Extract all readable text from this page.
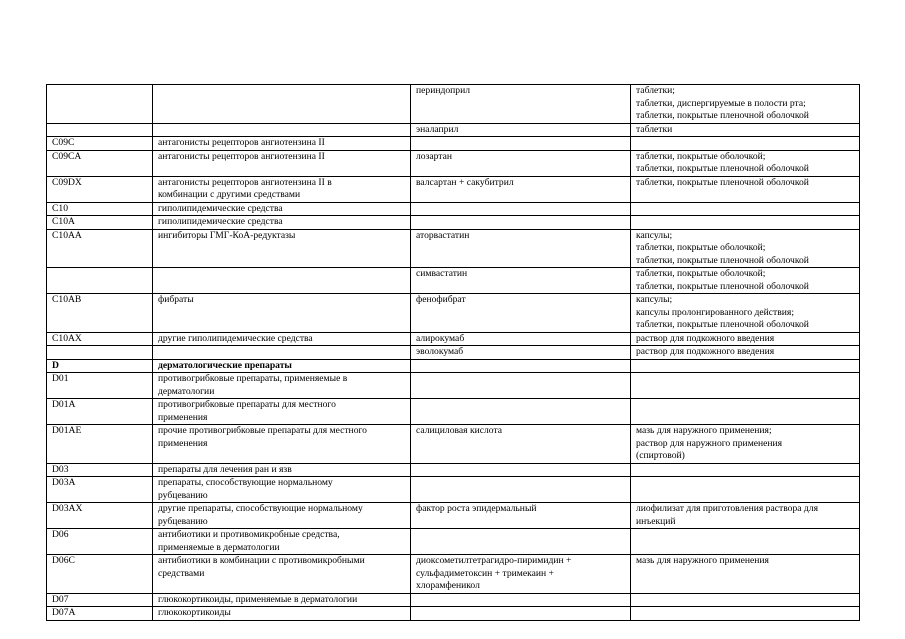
		периндоприл	таблетки;
таблетки, диспергируемые в полости рта;
таблетки, покрытые пленочной оболочкой
		эналаприл	таблетки
C09C	антагонисты рецепторов ангиотензина II		
C09CA	антагонисты рецепторов ангиотензина II	лозартан	таблетки, покрытые оболочкой;
таблетки, покрытые пленочной оболочкой
C09DX	антагонисты рецепторов ангиотензина II в
комбинации с другими средствами	валсартан + сакубитрил	таблетки, покрытые пленочной оболочкой
C10	гиполипидемические средства		
C10A	гиполипидемические средства		
C10AA	ингибиторы ГМГ-КоА-редуктазы	аторвастатин	капсулы;
таблетки, покрытые оболочкой;
таблетки, покрытые пленочной оболочкой
		симвастатин	таблетки, покрытые оболочкой;
таблетки, покрытые пленочной оболочкой
C10AB	фибраты	фенофибрат	капсулы;
капсулы пролонгированного действия;
таблетки, покрытые пленочной оболочкой
C10AX	другие гиполипидемические средства	алирокумаб	раствор для подкожного введения
		эволокумаб	раствор для подкожного введения
D	дерматологические препараты		
D01	противогрибковые препараты, применяемые в
дерматологии		
D01A	противогрибковые препараты для местного
применения		
D01AE	прочие противогрибковые препараты для местного
применения	салициловая кислота	мазь для наружного применения;
раствор для наружного применения
(спиртовой)
D03	препараты для лечения ран и язв		
D03A	препараты, способствующие нормальному
рубцеванию		
D03AX	другие препараты, способствующие нормальному
рубцеванию	фактор роста эпидермальный	лиофилизат для приготовления раствора для
инъекций
D06	антибиотики и противомикробные средства,
применяемые в дерматологии		
D06C	антибиотики в комбинации с противомикробными
средствами	диоксометилтетрагидро-пиримидин +
сульфадиметоксин + тримекаин +
хлорамфеникол	мазь для наружного применения
D07	глюкокортикоиды, применяемые в дерматологии		
D07A	глюкокортикоиды		
